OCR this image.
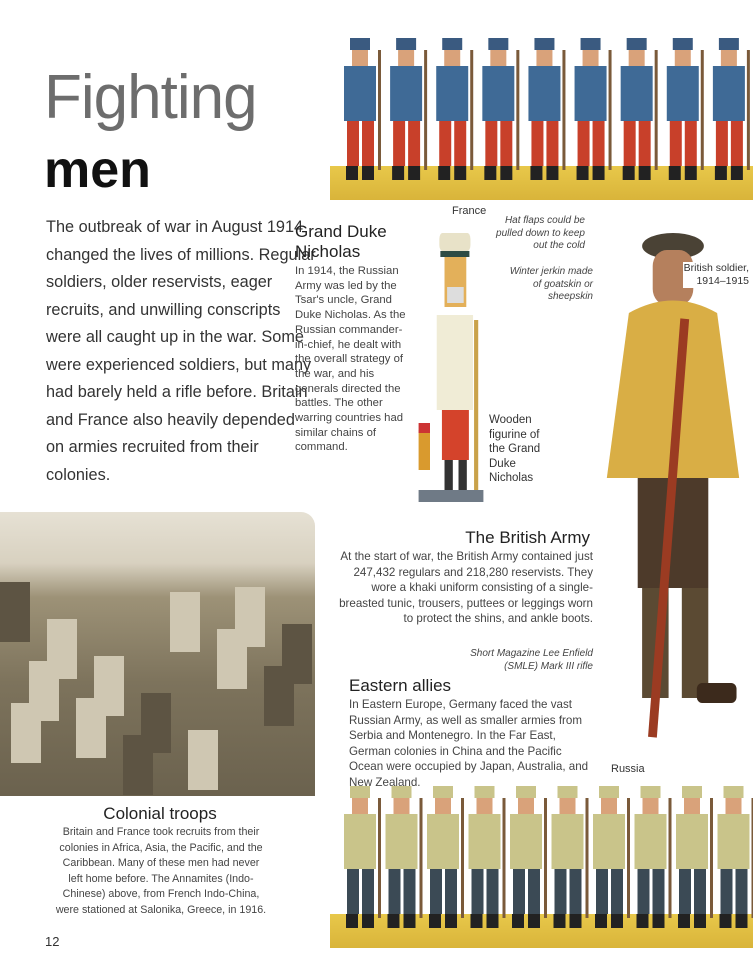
Fighting
men
The outbreak of war in August 1914 changed the lives of millions. Regular soldiers, older reservists, eager recruits, and unwilling conscripts were all caught up in the war. Some were experienced soldiers, but many had barely held a rifle before. Britain and France also heavily depended on armies recruited from their colonies.
France
Grand Duke Nicholas
In 1914, the Russian Army was led by the Tsar's uncle, Grand Duke Nicholas. As the Russian commander-in-chief, he dealt with the overall strategy of the war, and his generals directed the battles. The other warring countries had similar chains of command.
Wooden figurine of the Grand Duke Nicholas
Hat flaps could be pulled down to keep out the cold
Winter jerkin made of goatskin or sheepskin
British soldier, 1914–1915
The British Army
At the start of war, the British Army contained just 247,432 regulars and 218,280 reservists. They wore a khaki uniform consisting of a single-breasted tunic, trousers, puttees or leggings worn to protect the shins, and ankle boots.
Short Magazine Lee Enfield (SMLE) Mark III rifle
Eastern allies
In Eastern Europe, Germany faced the vast Russian Army, as well as smaller armies from Serbia and Montenegro. In the Far East, German colonies in China and the Pacific Ocean were occupied by Japan, Australia, and New Zealand.
Colonial troops
Britain and France took recruits from their colonies in Africa, Asia, the Pacific, and the Caribbean. Many of these men had never left home before. The Annamites (Indo-Chinese) above, from French Indo-China, were stationed at Salonika, Greece, in 1916.
Russia
12
